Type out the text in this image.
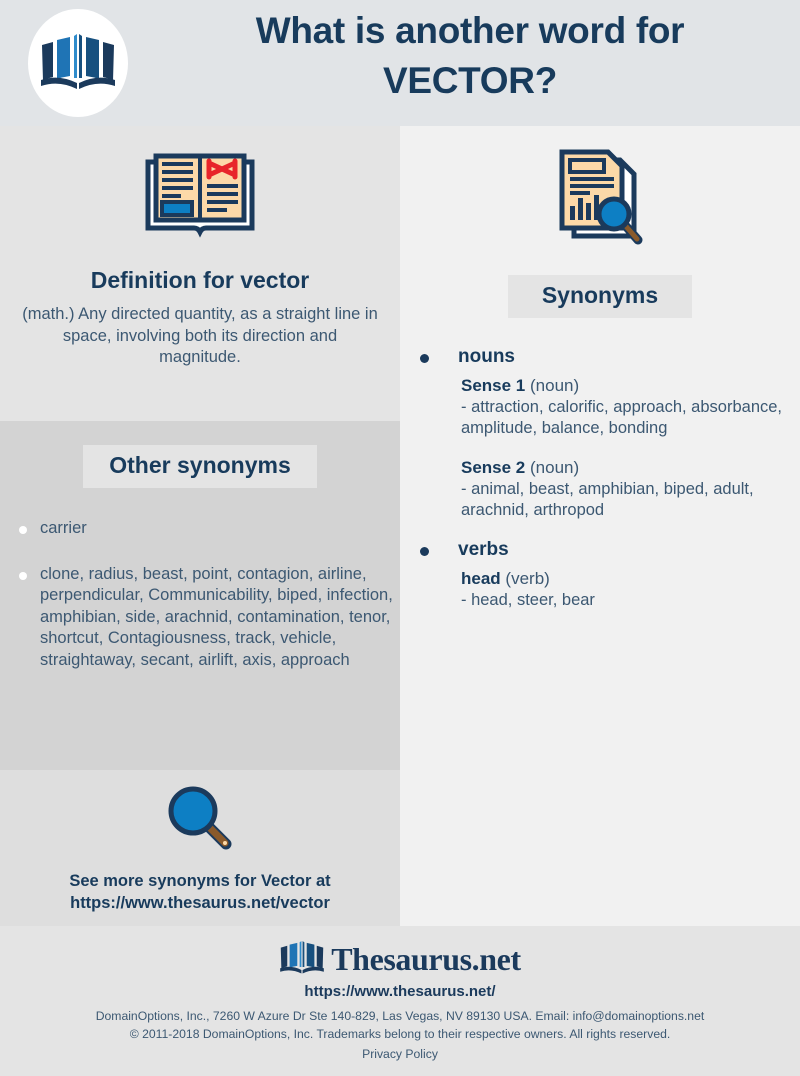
What is another word for
VECTOR?
Definition for vector
(math.) Any directed quantity, as a straight line in space, involving both its direction and magnitude.
Other synonyms
carrier
clone, radius, beast, point, contagion, airline, perpendicular, Communicability, biped, infection, amphibian, side, arachnid, contamination, tenor, shortcut, Contagiousness, track, vehicle, straightaway, secant, airlift, axis, approach
See more synonyms for Vector at
https://www.thesaurus.net/vector
Synonyms
nouns
Sense 1 (noun)
- attraction, calorific, approach, absorbance, amplitude, balance, bonding
Sense 2 (noun)
- animal, beast, amphibian, biped, adult, arachnid, arthropod
verbs
head (verb)
- head, steer, bear
Thesaurus.net
https://www.thesaurus.net/
DomainOptions, Inc., 7260 W Azure Dr Ste 140-829, Las Vegas, NV 89130 USA. Email: info@domainoptions.net
© 2011-2018 DomainOptions, Inc. Trademarks belong to their respective owners. All rights reserved.
Privacy Policy
